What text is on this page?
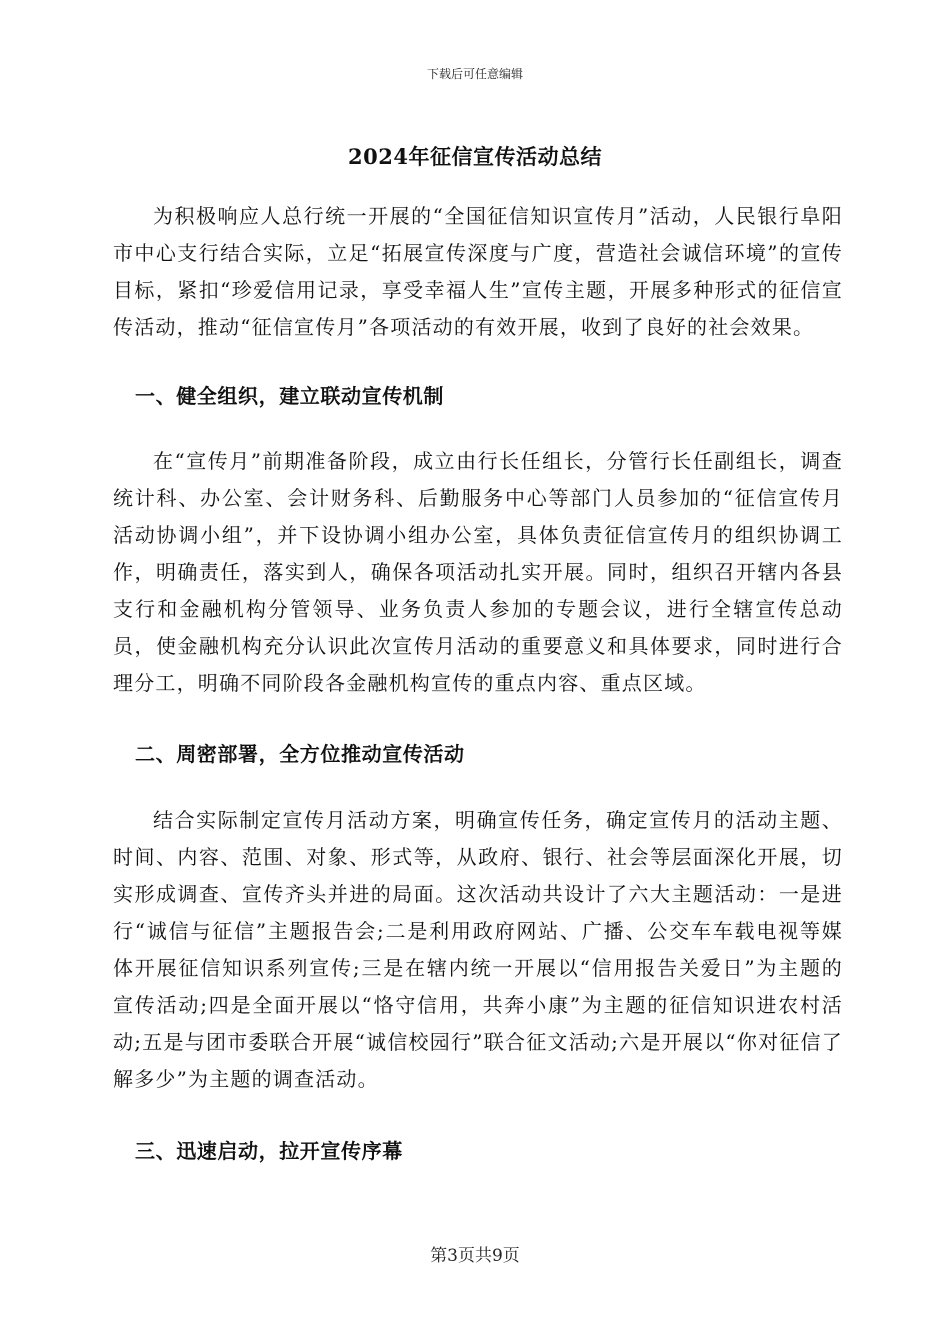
下载后可任意编辑
2024年征信宣传活动总结

为积极响应人总行统一开展的“全国征信知识宣传月”活动，人民银行阜阳市中心支行结合实际，立足“拓展宣传深度与广度，营造社会诚信环境”的宣传目标，紧扣“珍爱信用记录，享受幸福人生”宣传主题，开展多种形式的征信宣传活动，推动“征信宣传月”各项活动的有效开展，收到了良好的社会效果。

一、健全组织，建立联动宣传机制

在“宣传月”前期准备阶段，成立由行长任组长，分管行长任副组长，调查统计科、办公室、会计财务科、后勤服务中心等部门人员参加的“征信宣传月活动协调小组”，并下设协调小组办公室，具体负责征信宣传月的组织协调工作，明确责任，落实到人，确保各项活动扎实开展。同时，组织召开辖内各县支行和金融机构分管领导、业务负责人参加的专题会议，进行全辖宣传总动员，使金融机构充分认识此次宣传月活动的重要意义和具体要求，同时进行合理分工，明确不同阶段各金融机构宣传的重点内容、重点区域。

二、周密部署，全方位推动宣传活动

结合实际制定宣传月活动方案，明确宣传任务，确定宣传月的活动主题、时间、内容、范围、对象、形式等，从政府、银行、社会等层面深化开展，切实形成调查、宣传齐头并进的局面。这次活动共设计了六大主题活动：一是进行“诚信与征信”主题报告会;二是利用政府网站、广播、公交车车载电视等媒体开展征信知识系列宣传;三是在辖内统一开展以“信用报告关爱日”为主题的宣传活动;四是全面开展以“恪守信用，共奔小康”为主题的征信知识进农村活动;五是与团市委联合开展“诚信校园行”联合征文活动;六是开展以“你对征信了解多少”为主题的调查活动。

三、迅速启动，拉开宣传序幕
第3页共9页
